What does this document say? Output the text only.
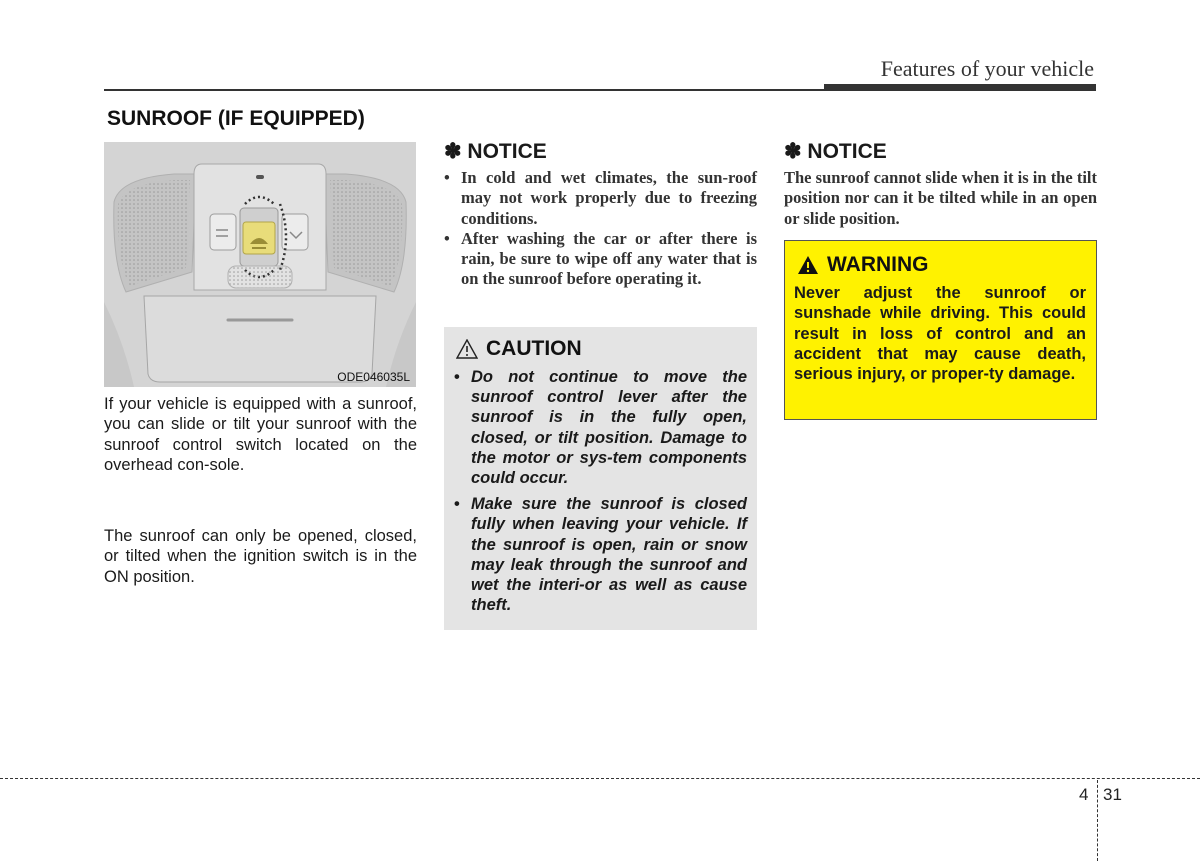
Features of your vehicle
SUNROOF (IF EQUIPPED)
ODE046035L

If your vehicle is equipped with a sunroof, you can slide or tilt your sunroof with the sunroof control switch located on the overhead con-sole.

The sunroof can only be opened, closed, or tilted when the ignition switch is in the ON position.

✽ NOTICE
• In cold and wet climates, the sun-roof may not work properly due to freezing conditions.
• After washing the car or after there is rain, be sure to wipe off any water that is on the sunroof before operating it.
CAUTION
• Do not continue to move the sunroof control lever after the sunroof is in the fully open, closed, or tilt position. Damage to the motor or sys-tem components could occur.
• Make sure the sunroof is closed fully when leaving your vehicle. If the sunroof is open, rain or snow may leak through the sunroof and wet the interi-or as well as cause theft.
✽ NOTICE

The sunroof cannot slide when it is in the tilt position nor can it be tilted while in an open or slide position.

WARNING

Never adjust the sunroof or sunshade while driving. This could result in loss of control and an accident that may cause death, serious injury, or proper-ty damage.

4 31
